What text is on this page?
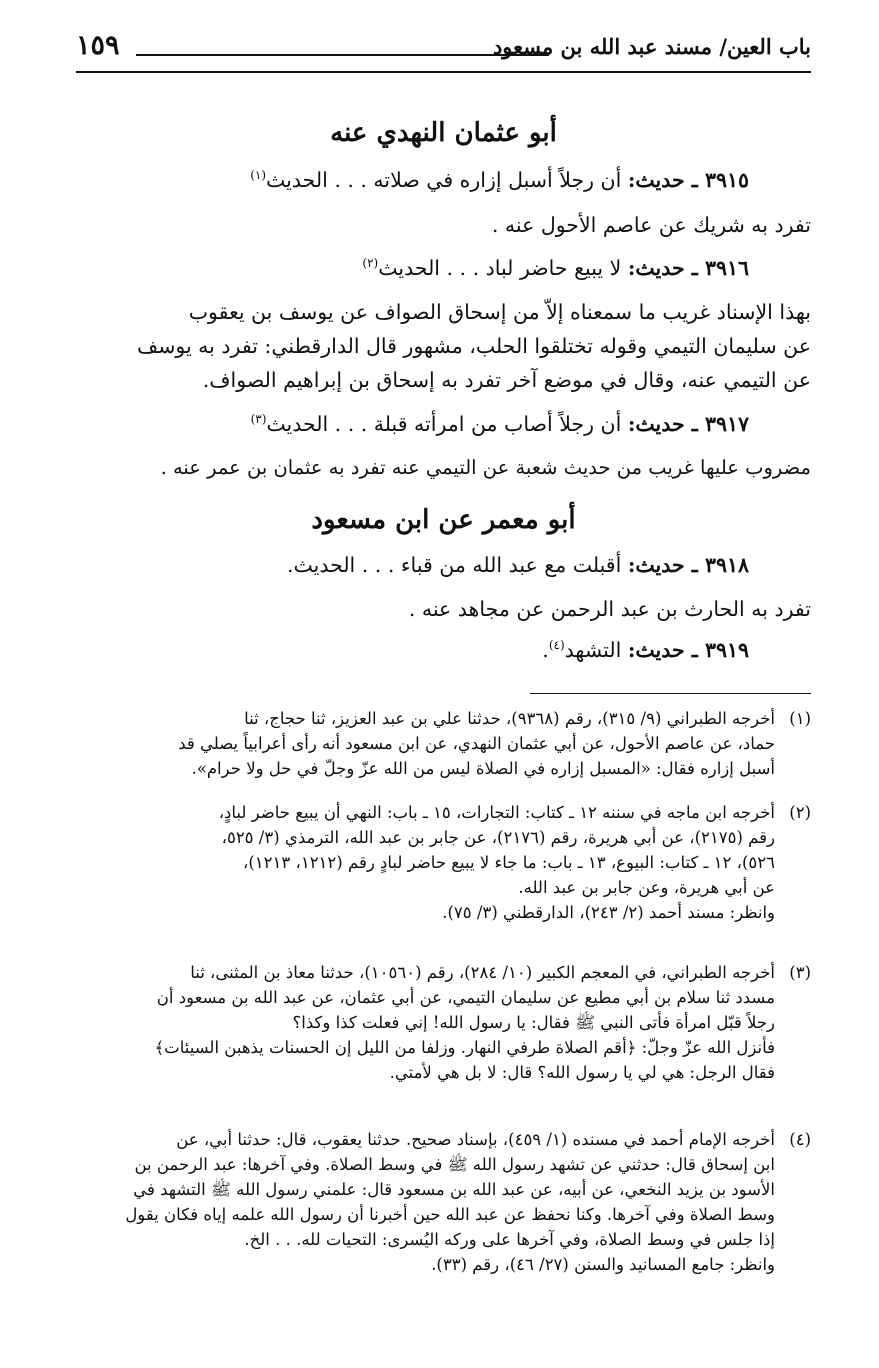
باب العين/ مسند عبد الله بن مسعود
١٥٩
أبو عثمان النهدي عنه
٣٩١٥ ـ حديث: أن رجلاً أسبل إزاره في صلاته . . . الحديث$^{(١)}$
تفرد به شريك عن عاصم الأحول عنه .
٣٩١٦ ـ حديث: لا يبيع حاضر لباد . . . الحديث$^{(٢)}$
بهذا الإسناد غريب ما سمعناه إلاّ من إسحاق الصواف عن يوسف بن يعقوب
عن سليمان التيمي وقوله تختلقوا الحلب، مشهور قال الدارقطني: تفرد به يوسف
عن التيمي عنه، وقال في موضع آخر تفرد به إسحاق بن إبراهيم الصواف.
٣٩١٧ ـ حديث: أن رجلاً أصاب من امرأته قبلة . . . الحديث$^{(٣)}$
مضروب عليها غريب من حديث شعبة عن التيمي عنه تفرد به عثمان بن عمر عنه .
أبو معمر عن ابن مسعود
٣٩١٨ ـ حديث: أقبلت مع عبد الله من قباء . . . الحديث.
تفرد به الحارث بن عبد الرحمن عن مجاهد عنه .
٣٩١٩ ـ حديث: التشهد$^{(٤)}$.
(١)
أخرجه الطبراني (٩/ ٣١٥)، رقم (٩٣٦٨)، حدثنا علي بن عبد العزيز، ثنا حجاج، ثنا
حماد، عن عاصم الأحول، عن أبي عثمان النهدي، عن ابن مسعود أنه رأى أعرابياً يصلي قد
أسبل إزاره فقال: «المسبل إزاره في الصلاة ليس من الله عزّ وجلّ في حل ولا حرام».
(٢)
أخرجه ابن ماجه في سننه ١٢ ـ كتاب: التجارات، ١٥ ـ باب: النهي أن يبيع حاضر لبادٍ،
رقم (٢١٧٥)، عن أبي هريرة، رقم (٢١٧٦)، عن جابر بن عبد الله، الترمذي (٣/ ٥٢٥،
٥٢٦)، ١٢ ـ كتاب: البيوع، ١٣ ـ باب: ما جاء لا يبيع حاضر لبادٍ رقم (١٢١٢، ١٢١٣)،
عن أبي هريرة، وعن جابر بن عبد الله.
وانظر: مسند أحمد (٢/ ٢٤٣)، الدارقطني (٣/ ٧٥).
(٣)
أخرجه الطبراني، في المعجم الكبير (١٠/ ٢٨٤)، رقم (١٠٥٦٠)، حدثنا معاذ بن المثنى، ثنا
مسدد ثنا سلام بن أبي مطيع عن سليمان التيمي، عن أبي عثمان، عن عبد الله بن مسعود أن
رجلاً قبّل امرأة فأتى النبي ﷺ فقال: يا رسول الله! إني فعلت كذا وكذا؟
فأنزل الله عزّ وجلّ: ﴿أقم الصلاة طرفي النهار. وزلفا من الليل إن الحسنات يذهبن السيئات﴾
فقال الرجل: هي لي يا رسول الله؟ قال: لا بل هي لأمتي.
(٤)
أخرجه الإمام أحمد في مسنده (١/ ٤٥٩)، بإسناد صحيح. حدثنا يعقوب، قال: حدثنا أبي، عن
ابن إسحاق قال: حدثني عن تشهد رسول الله ﷺ في وسط الصلاة. وفي آخرها: عبد الرحمن بن
الأسود بن يزيد النخعي، عن أبيه، عن عبد الله بن مسعود قال: علمني رسول الله ﷺ التشهد في
وسط الصلاة وفي آخرها. وكنا نحفظ عن عبد الله حين أخبرنا أن رسول الله علمه إياه فكان يقول
إذا جلس في وسط الصلاة، وفي آخرها على وركه اليُسرى: التحيات لله. . . الخ.
وانظر: جامع المسانيد والسنن (٢٧/ ٤٦)، رقم (٣٣).
